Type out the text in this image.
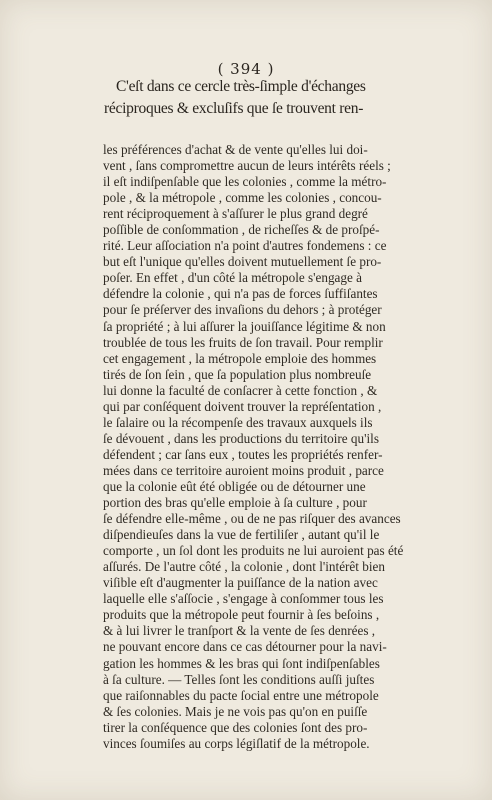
( 394 )
C'eſt dans ce cercle très-ſimple d'échanges
réciproques & excluſifs que ſe trouvent ren-
les préférences d'achat & de vente qu'elles lui doi-
vent , ſans compromettre aucun de leurs intérêts réels ;
il eſt indiſpenſable que les colonies , comme la métro-
pole , & la métropole , comme les colonies , concou-
rent réciproquement à s'aſſurer le plus grand degré
poſſible de conſommation , de richeſſes & de proſpé-
rité. Leur aſſociation n'a point d'autres fondemens : ce
but eſt l'unique qu'elles doivent mutuellement ſe pro-
poſer. En effet , d'un côté la métropole s'engage à
défendre la colonie , qui n'a pas de forces ſuffiſantes
pour ſe préſerver des invaſions du dehors ; à protéger
ſa propriété ; à lui aſſurer la jouiſſance légitime & non
troublée de tous les fruits de ſon travail. Pour remplir
cet engagement , la métropole emploie des hommes
tirés de ſon ſein , que ſa population plus nombreuſe
lui donne la faculté de conſacrer à cette fonction , &
qui par conſéquent doivent trouver la repréſentation ,
le ſalaire ou la récompenſe des travaux auxquels ils
ſe dévouent , dans les productions du territoire qu'ils
défendent ; car ſans eux , toutes les propriétés renfer-
mées dans ce territoire auroient moins produit , parce
que la colonie eût été obligée ou de détourner une
portion des bras qu'elle emploie à ſa culture , pour
ſe défendre elle-même , ou de ne pas riſquer des avances
diſpendieuſes dans la vue de fertiliſer , autant qu'il le
comporte , un ſol dont les produits ne lui auroient pas été
aſſurés. De l'autre côté , la colonie , dont l'intérêt bien
viſible eſt d'augmenter la puiſſance de la nation avec
laquelle elle s'aſſocie , s'engage à conſommer tous les
produits que la métropole peut fournir à ſes beſoins ,
& à lui livrer le tranſport & la vente de ſes denrées ,
ne pouvant encore dans ce cas détourner pour la navi-
gation les hommes & les bras qui ſont indiſpenſables
à ſa culture. — Telles ſont les conditions auſſi juſtes
que raiſonnables du pacte ſocial entre une métropole
& ſes colonies. Mais je ne vois pas qu'on en puiſſe
tirer la conſéquence que des colonies ſont des pro-
vinces ſoumiſes au corps légiſlatif de la métropole.
